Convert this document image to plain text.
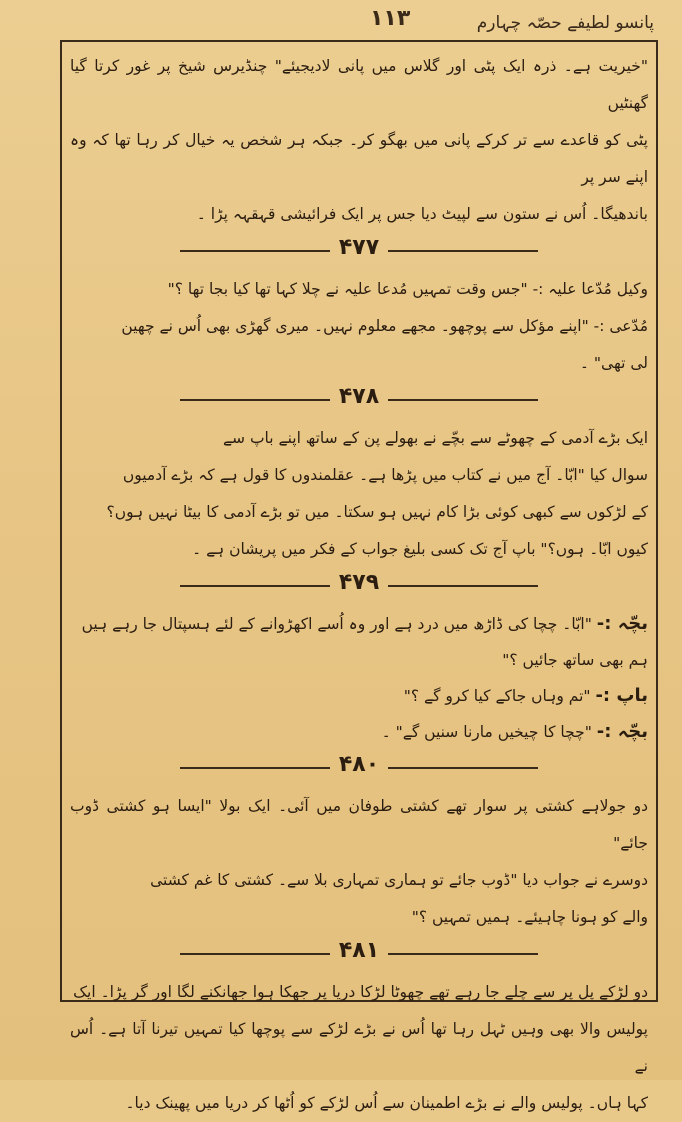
۱۱۳	پانسو لطیفے حصّہ چہارم

"خیریت ہے۔ ذرہ ایک پٹی اور گلاس میں پانی لادیجیئے" چنڈیرس شیخ پر غور کرتا گیا گھنٹیں
پٹی کو قاعدے سے تر کرکے پانی میں بھگو کر۔ جبکہ ہر شخص یہ خیال کر رہا تھا کہ وہ اپنے سر پر
باندھیگا۔ اُس نے ستون سے لپیٹ دیا جس پر ایک فرائیشی قہقہہ پڑا ۔

۴۷۷

وکیل مُدّعا علیہ :- "جس وقت تمہیں مُدعا علیہ نے چلا کہا تھا کیا بجا تھا ؟"
مُدّعی :- "اپنے مؤکل سے پوچھو۔ مجھے معلوم نہیں۔ میری گھڑی بھی اُس نے چھین
لی تھی" ۔

۴۷۸

ایک بڑے آدمی کے چھوٹے سے بچّے نے بھولے پن کے ساتھ اپنے باپ سے
سوال کیا "ابّا۔ آج میں نے کتاب میں پڑھا ہے۔ عقلمندوں کا قول ہے کہ بڑے آدمیوں
کے لڑکوں سے کبھی کوئی بڑا کام نہیں ہو سکتا۔ میں تو بڑے آدمی کا بیٹا نہیں ہوں؟
کیوں ابّا۔ ہوں؟" باپ آج تک کسی بلیغ جواب کے فکر میں پریشان ہے ۔

۴۷۹

بچّہ :- "ابّا۔ چچا کی ڈاڑھ میں درد ہے اور وہ اُسے اکھڑوانے کے لئے ہسپتال جا رہے ہیں
ہم بھی ساتھ جائیں ؟"
باپ :- "تم وہاں جاکے کیا کرو گے ؟"
بچّہ :- "چچا کا چیخیں مارنا سنیں گے" ۔

۴۸۰

دو جولاہے کشتی پر سوار تھے کشتی طوفان میں آئی۔ ایک بولا "ایسا ہو کشتی ڈوب جائے"
دوسرے نے جواب دیا "ڈوب جائے تو ہماری تمہاری بلا سے۔ کشتی کا غم کشتی
والے کو ہونا چاہیئے۔ ہمیں تمہیں ؟"

۴۸۱

دو لڑکے پل پر سے چلے جا رہے تھے چھوٹا لڑکا دریا پر جھکا ہوا جھانکنے لگا اور گر پڑا۔ ایک
پولیس والا بھی وہیں ٹہل رہا تھا اُس نے بڑے لڑکے سے پوچھا کیا تمہیں تیرنا آتا ہے۔ اُس نے
کہا ہاں۔ پولیس والے نے بڑے اطمینان سے اُس لڑکے کو اُٹھا کر دریا میں پھینک دیا۔
